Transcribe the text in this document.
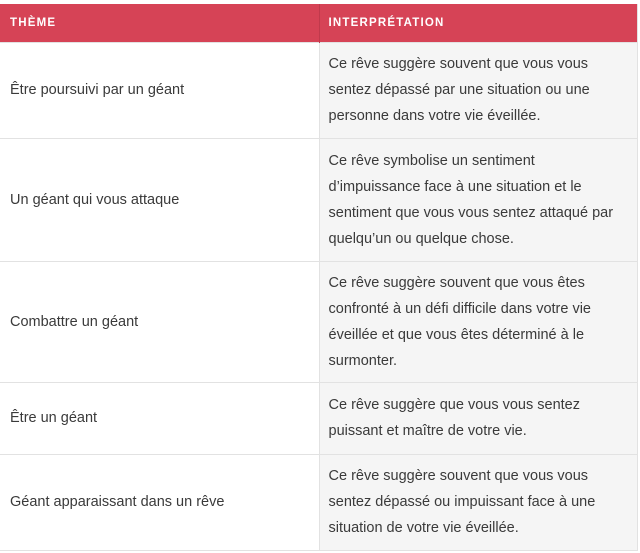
THÈME	INTERPRÉTATION
Être poursuivi par un géant	Ce rêve suggère souvent que vous vous sentez dépassé par une situation ou une personne dans votre vie éveillée.
Un géant qui vous attaque	Ce rêve symbolise un sentiment d’impuissance face à une situation et le sentiment que vous vous sentez attaqué par quelqu’un ou quelque chose.
Combattre un géant	Ce rêve suggère souvent que vous êtes confronté à un défi difficile dans votre vie éveillée et que vous êtes déterminé à le surmonter.
Être un géant	Ce rêve suggère que vous vous sentez puissant et maître de votre vie.
Géant apparaissant dans un rêve	Ce rêve suggère souvent que vous vous sentez dépassé ou impuissant face à une situation de votre vie éveillée.
